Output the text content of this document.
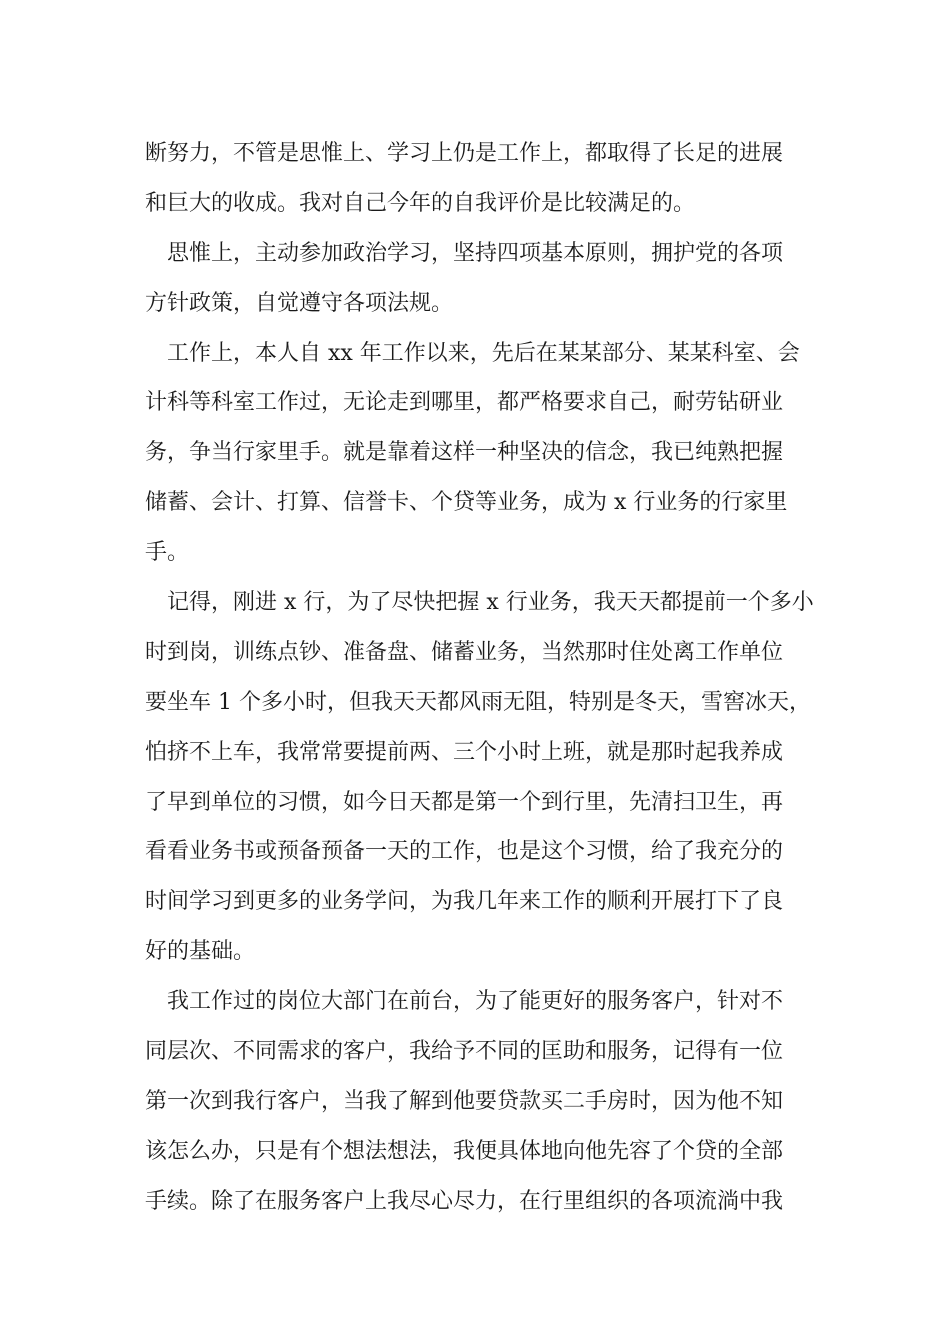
断努力，不管是思惟上、学习上仍是工作上，都取得了长足的进展
和巨大的收成。我对自己今年的自我评价是比较满足的。
思惟上，主动参加政治学习，坚持四项基本原则，拥护党的各项
方针政策，自觉遵守各项法规。
工作上，本人自 xx 年工作以来，先后在某某部分、某某科室、会
计科等科室工作过，无论走到哪里，都严格要求自己，耐劳钻研业
务，争当行家里手。就是靠着这样一种坚决的信念，我已纯熟把握
储蓄、会计、打算、信誉卡、个贷等业务，成为 x 行业务的行家里
手。
记得，刚进 x 行，为了尽快把握 x 行业务，我天天都提前一个多小
时到岗，训练点钞、准备盘、储蓄业务，当然那时住处离工作单位
要坐车 1 个多小时，但我天天都风雨无阻，特别是冬天，雪窖冰天，
怕挤不上车，我常常要提前两、三个小时上班，就是那时起我养成
了早到单位的习惯，如今日天都是第一个到行里，先清扫卫生，再
看看业务书或预备预备一天的工作，也是这个习惯，给了我充分的
时间学习到更多的业务学问，为我几年来工作的顺利开展打下了良
好的基础。
我工作过的岗位大部门在前台，为了能更好的服务客户，针对不
同层次、不同需求的客户，我给予不同的匡助和服务，记得有一位
第一次到我行客户，当我了解到他要贷款买二手房时，因为他不知
该怎么办，只是有个想法想法，我便具体地向他先容了个贷的全部
手续。除了在服务客户上我尽心尽力，在行里组织的各项流淌中我
